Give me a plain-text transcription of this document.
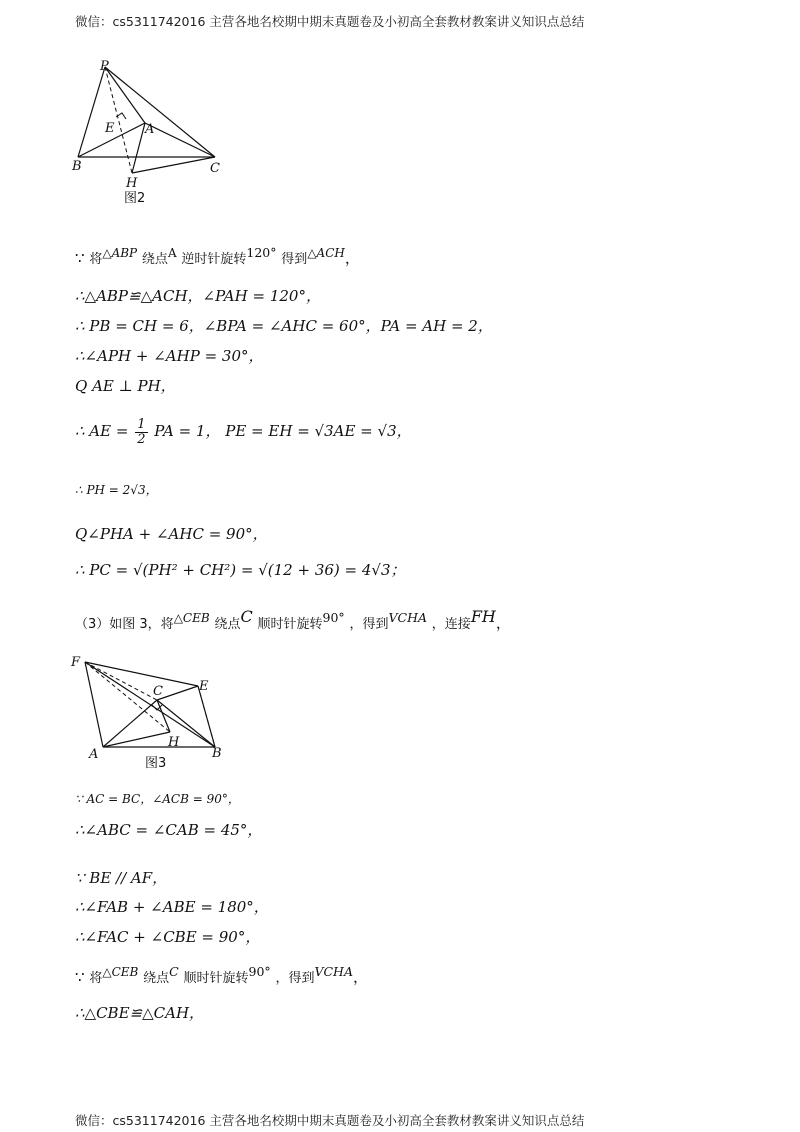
微信：cs5311742016 主营各地名校期中期末真题卷及小初高全套教材教案讲义知识点总结
P
E A
B	C
H
图2
∵ 将$^{\triangle ABP}$ 绕点$^A$ 逆时针旋转$^{120^\circ}$ 得到$^{\triangle ACH}$，
∴△ABP≌△ACH，∠PAH = 120°，
∴ PB = CH = 6，∠BPA = ∠AHC = 60°，PA = AH = 2，
∴∠APH + ∠AHP = 30°，
Q AE ⊥ PH，
∴ AE = $\frac{1}{2}$ PA = 1， PE = EH = √3AE = √3，
∴ PH = 2√3，
Q∠PHA + ∠AHC = 90°，
∴ PC = √(PH² + CH²) = √(12 + 36) = 4√3；
（3）如图 3，将$^{\triangle CEB}$ 绕点$^C$ 顺时针旋转$^{90^\circ}$ ，得到$^{VCHA}$ ，连接$^{FH}$，
F
C	E
H
A	B
图3
∵ AC = BC，∠ACB = 90°，
∴∠ABC = ∠CAB = 45°，
∵ BE // AF，
∴∠FAB + ∠ABE = 180°，
∴∠FAC + ∠CBE = 90°，
∵ 将$^{\triangle CEB}$ 绕点$^C$ 顺时针旋转$^{90^\circ}$ ，得到$^{VCHA}$，
∴△CBE≌△CAH，
微信：cs5311742016 主营各地名校期中期末真题卷及小初高全套教材教案讲义知识点总结
